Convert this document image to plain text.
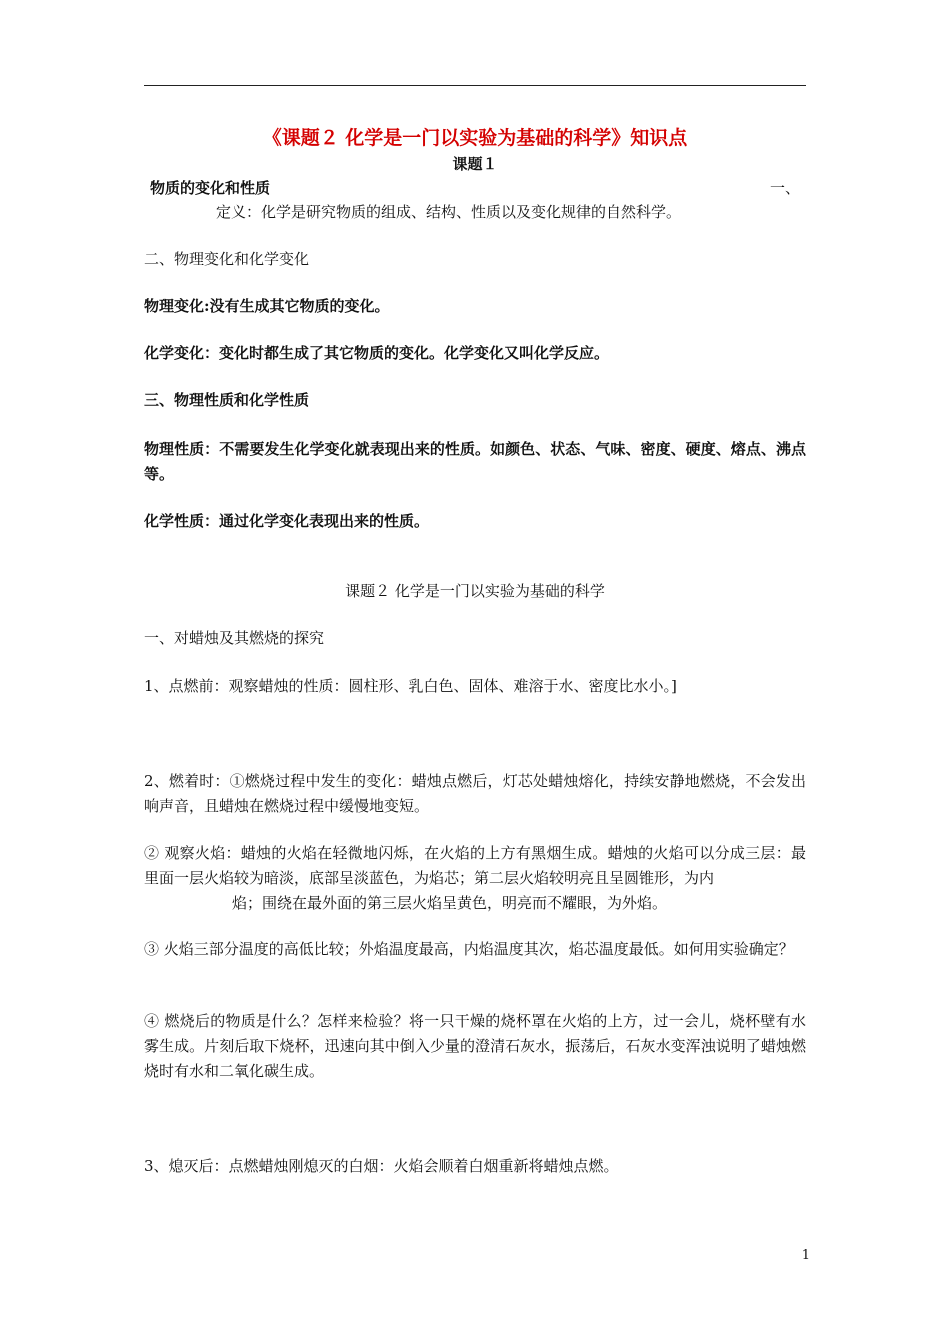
《课题２ 化学是一门以实验为基础的科学》知识点
课题１
物质的变化和性质	一、
定义：化学是研究物质的组成、结构、性质以及变化规律的自然科学。
二、物理变化和化学变化
物理变化:没有生成其它物质的变化。
化学变化：变化时都生成了其它物质的变化。化学变化又叫化学反应。
三、物理性质和化学性质
物理性质：不需要发生化学变化就表现出来的性质。如颜色、状态、气味、密度、硬度、熔点、沸点等。
化学性质：通过化学变化表现出来的性质。
课题２ 化学是一门以实验为基础的科学
一、对蜡烛及其燃烧的探究
1、点燃前：观察蜡烛的性质：圆柱形、乳白色、固体、难溶于水、密度比水小。]
2、燃着时：①燃烧过程中发生的变化：蜡烛点燃后，灯芯处蜡烛熔化，持续安静地燃烧，不会发出响声音，且蜡烛在燃烧过程中缓慢地变短。
② 观察火焰：蜡烛的火焰在轻微地闪烁，在火焰的上方有黑烟生成。蜡烛的火焰可以分成三层：最里面一层火焰较为暗淡，底部呈淡蓝色，为焰芯；第二层火焰较明亮且呈圆锥形，为内
焰；围绕在最外面的第三层火焰呈黄色，明亮而不耀眼，为外焰。
③ 火焰三部分温度的高低比较；外焰温度最高，内焰温度其次，焰芯温度最低。如何用实验确定？
④ 燃烧后的物质是什么？怎样来检验？将一只干燥的烧杯罩在火焰的上方，过一会儿，烧杯壁有水雾生成。片刻后取下烧杯，迅速向其中倒入少量的澄清石灰水，振荡后，石灰水变浑浊说明了蜡烛燃烧时有水和二氧化碳生成。
3、熄灭后：点燃蜡烛刚熄灭的白烟：火焰会顺着白烟重新将蜡烛点燃。
1
